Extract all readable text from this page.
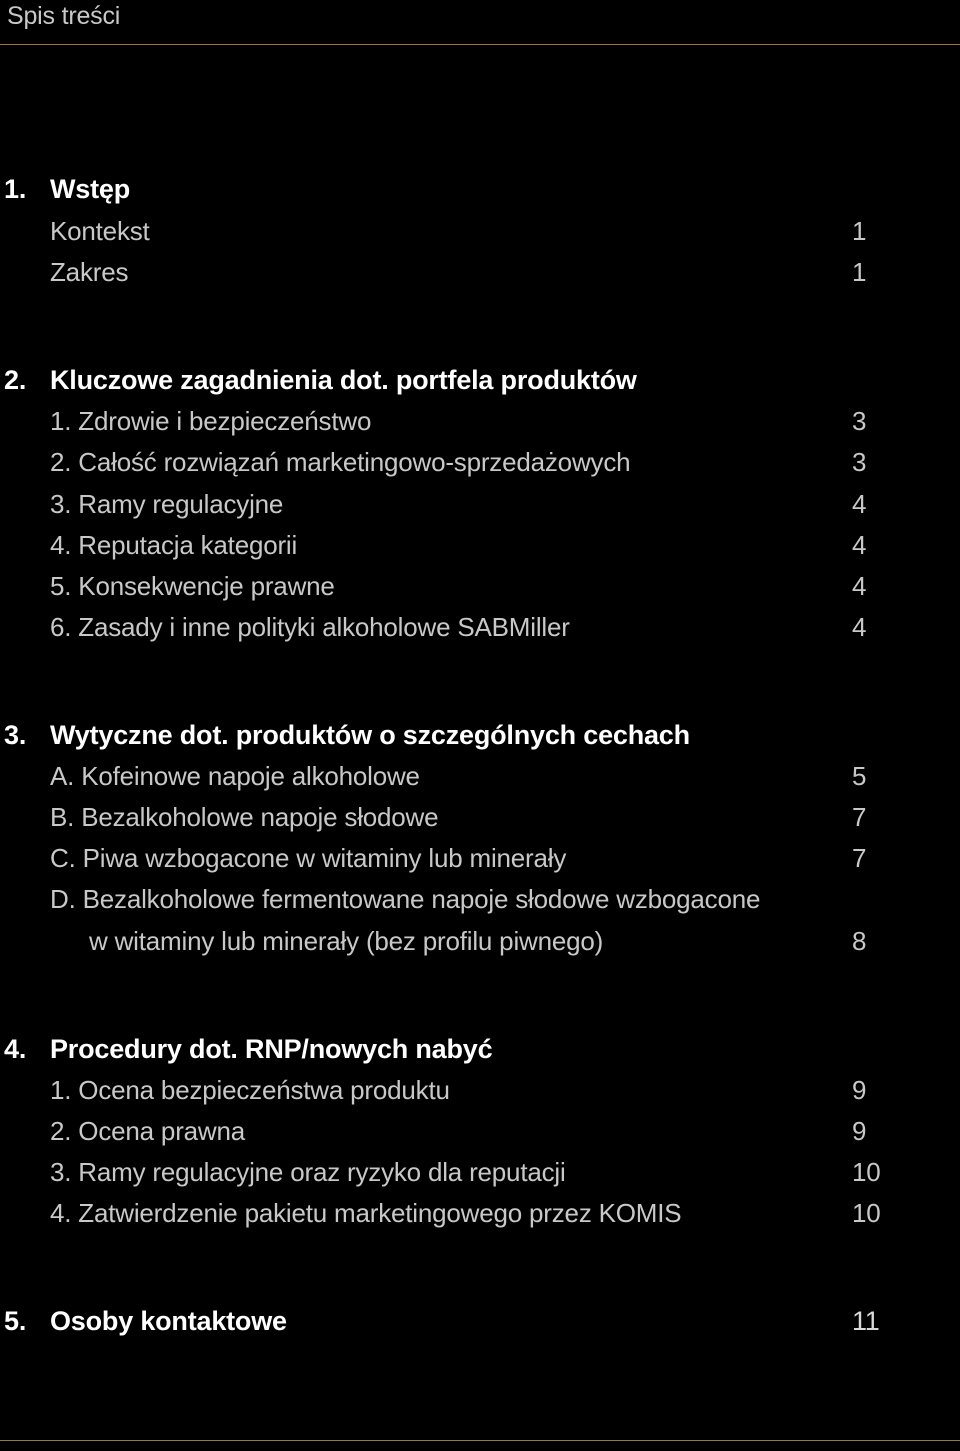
Spis treści
1. Wstęp
Kontekst	1
Zakres	1
2. Kluczowe zagadnienia dot. portfela produktów
1. Zdrowie i bezpieczeństwo	3
2. Całość rozwiązań marketingowo-sprzedażowych	3
3. Ramy regulacyjne	4
4. Reputacja kategorii	4
5. Konsekwencje prawne	4
6. Zasady i inne polityki alkoholowe SABMiller	4
3. Wytyczne dot. produktów o szczególnych cechach
A. Kofeinowe napoje alkoholowe	5
B. Bezalkoholowe napoje słodowe	7
C. Piwa wzbogacone w witaminy lub minerały	7
D. Bezalkoholowe fermentowane napoje słodowe wzbogacone
w witaminy lub minerały (bez profilu piwnego)	8
4. Procedury dot. RNP/nowych nabyć
1. Ocena bezpieczeństwa produktu	9
2. Ocena prawna	9
3. Ramy regulacyjne oraz ryzyko dla reputacji	10
4. Zatwierdzenie pakietu marketingowego przez KOMIS	10
5. Osoby kontaktowe	11
